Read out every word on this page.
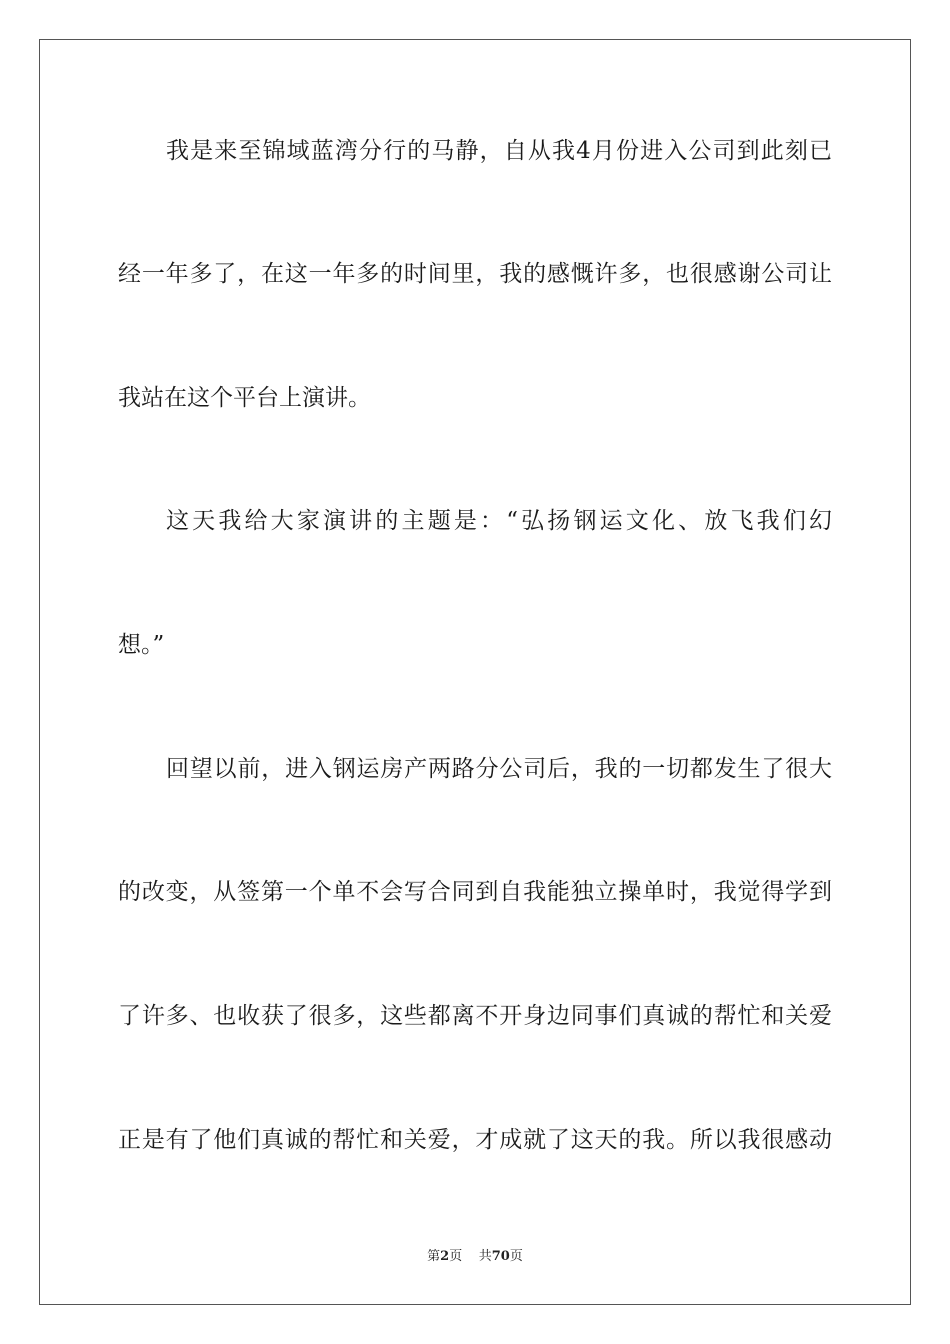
我是来至锦域蓝湾分行的马静，自从我4月份进入公司到此刻已
经一年多了，在这一年多的时间里，我的感慨许多，也很感谢公司让
我站在这个平台上演讲。
这天我给大家演讲的主题是：“弘扬钢运文化、放飞我们幻
想。”
回望以前，进入钢运房产两路分公司后，我的一切都发生了很大
的改变，从签第一个单不会写合同到自我能独立操单时，我觉得学到
了许多、也收获了很多，这些都离不开身边同事们真诚的帮忙和关爱
正是有了他们真诚的帮忙和关爱，才成就了这天的我。所以我很感动
第2页 共70页
